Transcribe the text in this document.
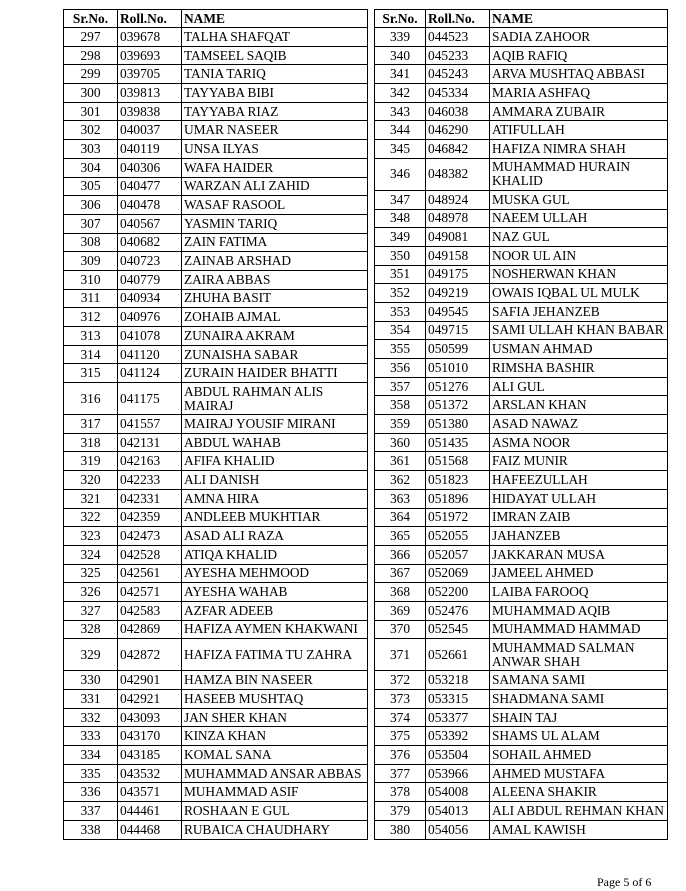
Sr.No.	Roll.No.	NAME
297	039678	TALHA SHAFQAT
298	039693	TAMSEEL SAQIB
299	039705	TANIA TARIQ
300	039813	TAYYABA BIBI
301	039838	TAYYABA RIAZ
302	040037	UMAR NASEER
303	040119	UNSA ILYAS
304	040306	WAFA HAIDER
305	040477	WARZAN ALI ZAHID
306	040478	WASAF RASOOL
307	040567	YASMIN TARIQ
308	040682	ZAIN FATIMA
309	040723	ZAINAB ARSHAD
310	040779	ZAIRA ABBAS
311	040934	ZHUHA BASIT
312	040976	ZOHAIB AJMAL
313	041078	ZUNAIRA AKRAM
314	041120	ZUNAISHA SABAR
315	041124	ZURAIN HAIDER BHATTI
316	041175	ABDUL RAHMAN ALIS MAIRAJ
317	041557	MAIRAJ YOUSIF MIRANI
318	042131	ABDUL WAHAB
319	042163	AFIFA KHALID
320	042233	ALI DANISH
321	042331	AMNA HIRA
322	042359	ANDLEEB MUKHTIAR
323	042473	ASAD ALI RAZA
324	042528	ATIQA KHALID
325	042561	AYESHA MEHMOOD
326	042571	AYESHA WAHAB
327	042583	AZFAR ADEEB
328	042869	HAFIZA AYMEN KHAKWANI
329	042872	HAFIZA FATIMA TU ZAHRA
330	042901	HAMZA BIN NASEER
331	042921	HASEEB MUSHTAQ
332	043093	JAN SHER KHAN
333	043170	KINZA KHAN
334	043185	KOMAL SANA
335	043532	MUHAMMAD ANSAR ABBAS
336	043571	MUHAMMAD ASIF
337	044461	ROSHAAN E GUL
338	044468	RUBAICA CHAUDHARY
Sr.No.	Roll.No.	NAME
339	044523	SADIA ZAHOOR
340	045233	AQIB RAFIQ
341	045243	ARVA MUSHTAQ ABBASI
342	045334	MARIA ASHFAQ
343	046038	AMMARA ZUBAIR
344	046290	ATIFULLAH
345	046842	HAFIZA NIMRA SHAH
346	048382	MUHAMMAD HURAIN KHALID
347	048924	MUSKA GUL
348	048978	NAEEM ULLAH
349	049081	NAZ GUL
350	049158	NOOR UL AIN
351	049175	NOSHERWAN KHAN
352	049219	OWAIS IQBAL UL MULK
353	049545	SAFIA JEHANZEB
354	049715	SAMI ULLAH KHAN BABAR
355	050599	USMAN AHMAD
356	051010	RIMSHA BASHIR
357	051276	ALI GUL
358	051372	ARSLAN KHAN
359	051380	ASAD NAWAZ
360	051435	ASMA NOOR
361	051568	FAIZ MUNIR
362	051823	HAFEEZULLAH
363	051896	HIDAYAT ULLAH
364	051972	IMRAN ZAIB
365	052055	JAHANZEB
366	052057	JAKKARAN MUSA
367	052069	JAMEEL AHMED
368	052200	LAIBA FAROOQ
369	052476	MUHAMMAD AQIB
370	052545	MUHAMMAD HAMMAD
371	052661	MUHAMMAD SALMAN ANWAR SHAH
372	053218	SAMANA SAMI
373	053315	SHADMANA SAMI
374	053377	SHAIN TAJ
375	053392	SHAMS UL ALAM
376	053504	SOHAIL AHMED
377	053966	AHMED MUSTAFA
378	054008	ALEENA SHAKIR
379	054013	ALI ABDUL REHMAN KHAN
380	054056	AMAL KAWISH
Page 5 of 6
